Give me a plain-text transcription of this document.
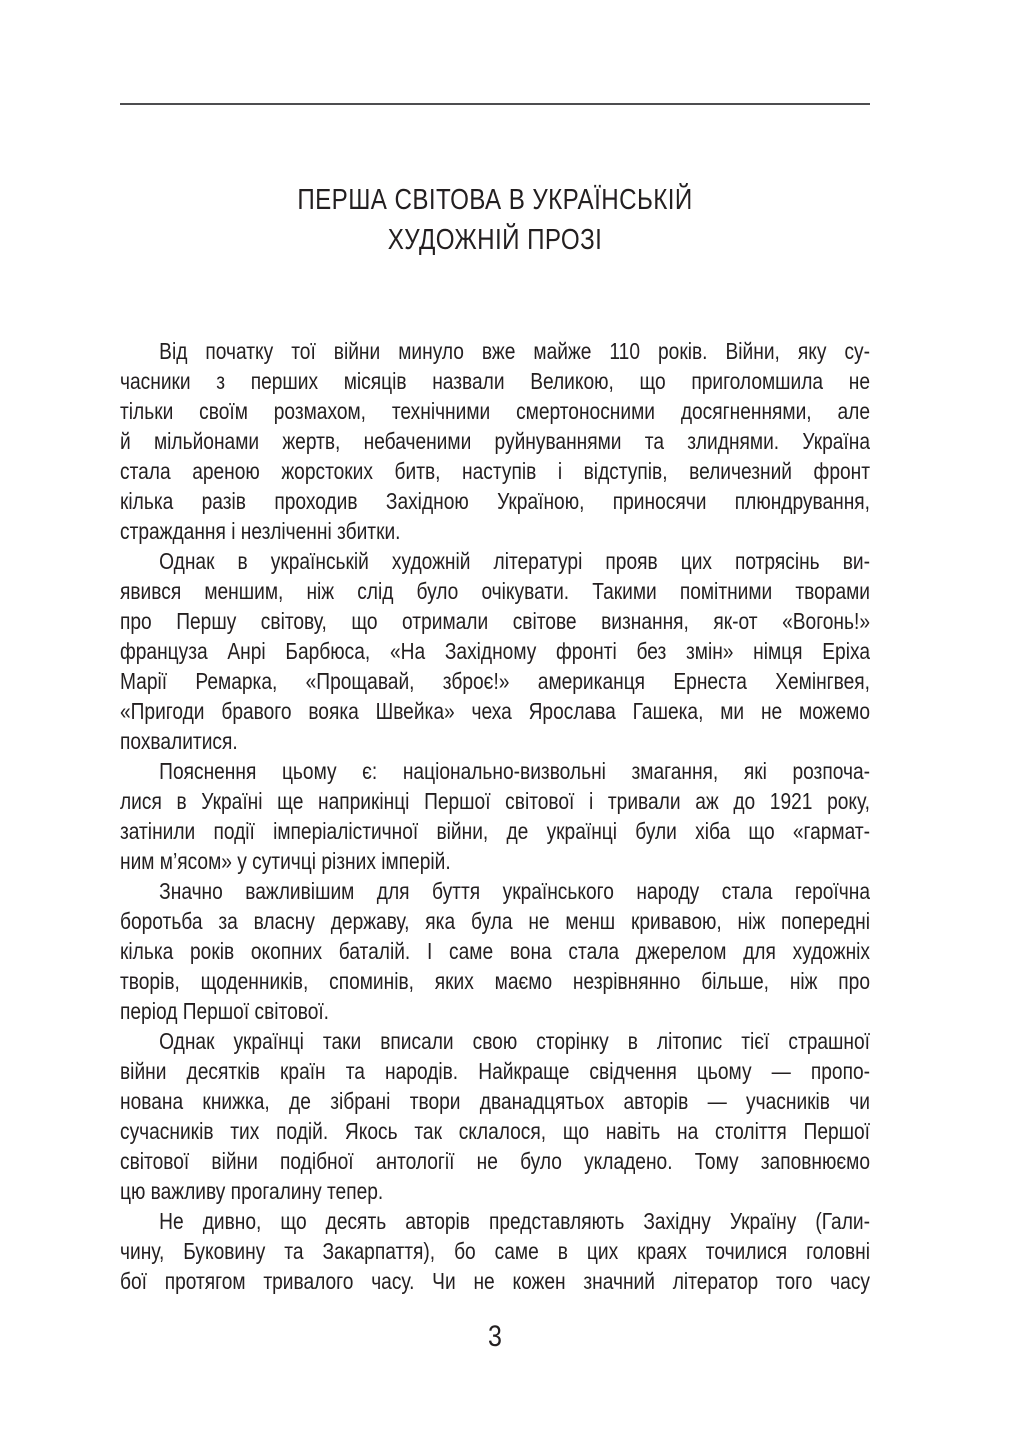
ПЕРША СВІТОВА В УКРАЇНСЬКІЙ
ХУДОЖНІЙ ПРОЗІ
Від початку тої війни минуло вже майже 110 років. Війни, яку су-
часники з перших місяців назвали Великою, що приголомшила не
тільки своїм розмахом, технічними смертоносними досягненнями, але
й мільйонами жертв, небаченими руйнуваннями та злиднями. Україна
стала ареною жорстоких битв, наступів і відступів, величезний фронт
кілька разів проходив Західною Україною, приносячи плюндрування,
страждання і незліченні збитки.
Однак в українській художній літературі прояв цих потрясінь ви-
явився меншим, ніж слід було очікувати. Такими помітними творами
про Першу світову, що отримали світове визнання, як-от «Вогонь!»
француза Анрі Барбюса, «На Західному фронті без змін» німця Еріха
Марії Ремарка, «Прощавай, зброє!» американця Ернеста Хемінгвея,
«Пригоди бравого вояка Швейка» чеха Ярослава Гашека, ми не можемо
похвалитися.
Пояснення цьому є: національно-визвольні змагання, які розпоча-
лися в Україні ще наприкінці Першої світової і тривали аж до 1921 року,
затінили події імперіалістичної війни, де українці були хіба що «гармат-
ним м’ясом» у сутичці різних імперій.
Значно важливішим для буття українського народу стала героїчна
боротьба за власну державу, яка була не менш кривавою, ніж попередні
кілька років окопних баталій. І саме вона стала джерелом для художніх
творів, щоденників, споминів, яких маємо незрівнянно більше, ніж про
період Першої світової.
Однак українці таки вписали свою сторінку в літопис тієї страшної
війни десятків країн та народів. Найкраще свідчення цьому — пропо-
нована книжка, де зібрані твори дванадцятьох авторів — учасників чи
сучасників тих подій. Якось так склалося, що навіть на століття Першої
світової війни подібної антології не було укладено. Тому заповнюємо
цю важливу прогалину тепер.
Не дивно, що десять авторів представляють Західну Україну (Гали-
чину, Буковину та Закарпаття), бо саме в цих краях точилися головні
бої протягом тривалого часу. Чи не кожен значний літератор того часу
3
